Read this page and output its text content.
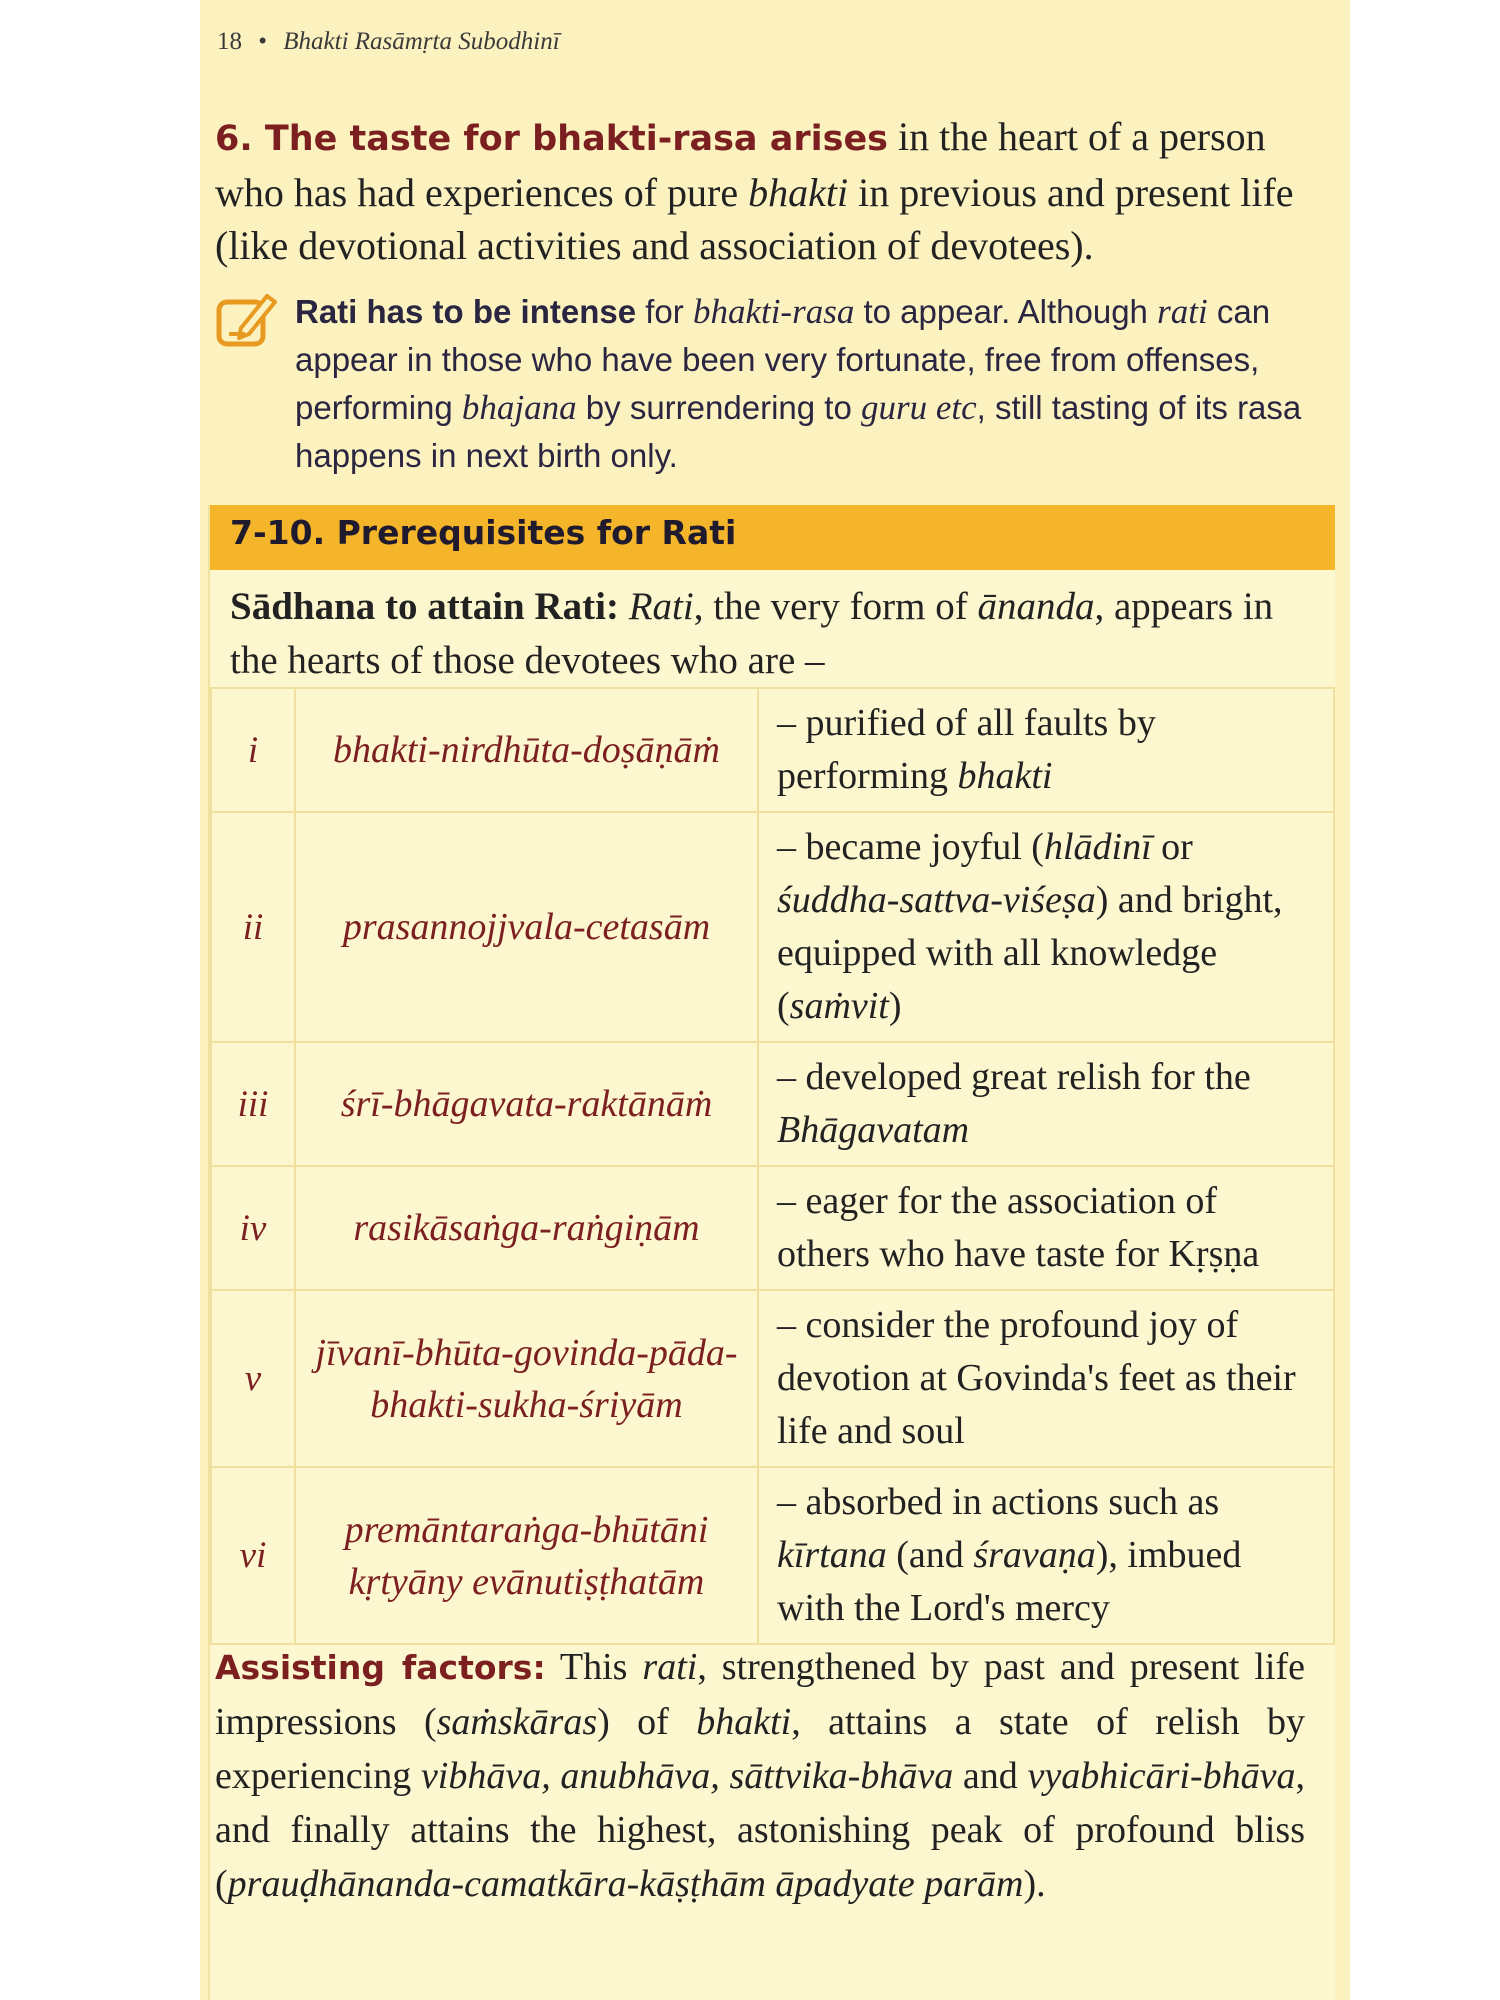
18 • Bhakti Rasāmṛta Subodhinī
6. The taste for bhakti-rasa arises in the heart of a person who has had experiences of pure bhakti in previous and present life (like devotional activities and association of devotees).
Rati has to be intense for bhakti-rasa to appear. Although rati can appear in those who have been very fortunate, free from offenses, performing bhajana by surrendering to guru etc, still tasting of its rasa happens in next birth only.
7-10. Prerequisites for Rati
Sādhana to attain Rati: Rati, the very form of ānanda, appears in the hearts of those devotees who are –
i	bhakti-nirdhūta-doṣāṇāṁ	– purified of all faults by performing bhakti
ii	prasannojjvala-cetasām	– became joyful (hlādinī or śuddha-sattva-viśeṣa) and bright, equipped with all knowledge (saṁvit)
iii	śrī-bhāgavata-raktānāṁ	– developed great relish for the Bhāgavatam
iv	rasikāsaṅga-raṅgiṇām	– eager for the association of others who have taste for Kṛṣṇa
v	jīvanī-bhūta-govinda-pāda-bhakti-sukha-śriyām	– consider the profound joy of devotion at Govinda's feet as their life and soul
vi	premāntaraṅga-bhūtāni kṛtyāny evānutiṣṭhatām	– absorbed in actions such as kīrtana (and śravaṇa), imbued with the Lord's mercy
Assisting factors: This rati, strengthened by past and present life impressions (saṁskāras) of bhakti, attains a state of relish by experiencing vibhāva, anubhāva, sāttvika-bhāva and vyabhicāri-bhāva, and finally attains the highest, astonishing peak of profound bliss (prauḍhānanda-camatkāra-kāṣṭhām āpadyate parām).
